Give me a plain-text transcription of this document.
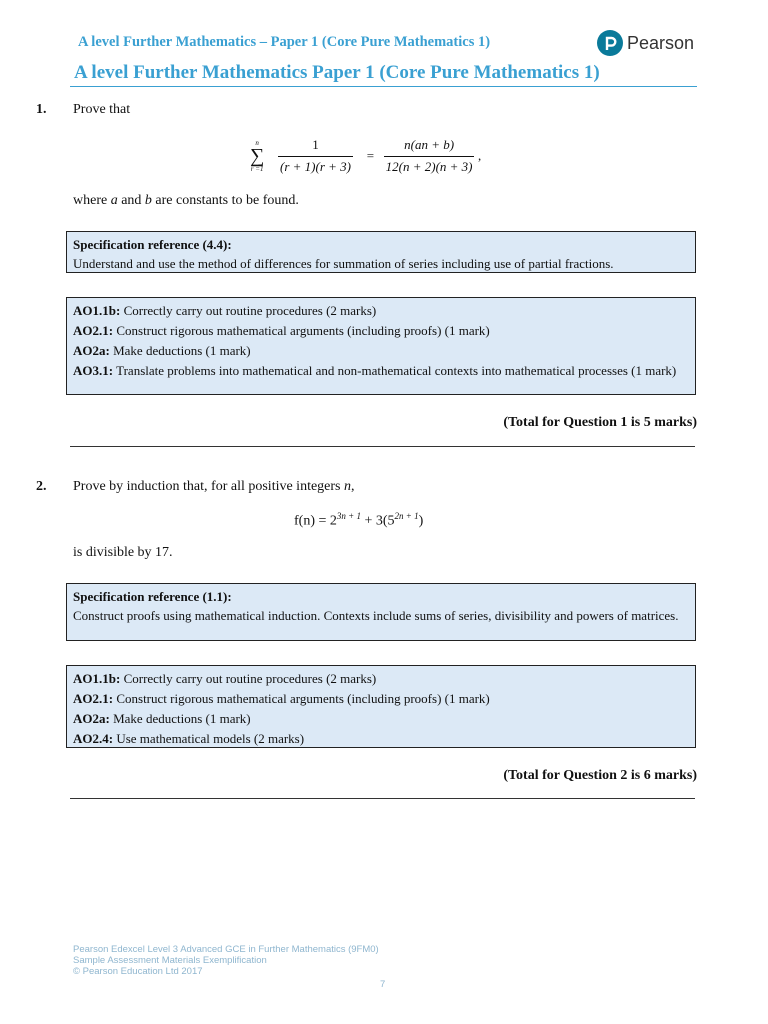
A level Further Mathematics – Paper 1 (Core Pure Mathematics 1)	Pearson
A level Further Mathematics Paper 1 (Core Pure Mathematics 1)
1. Prove that
n
∑
$r =1 \frac{1}{(r + 1)(r + 3)} = \frac{n(an + b)}{12(n + 2)(n + 3)}$ ,
where a and b are constants to be found.
Specification reference (4.4):
Understand and use the method of differences for summation of series including use of partial fractions.
AO1.1b: Correctly carry out routine procedures (2 marks)
AO2.1: Construct rigorous mathematical arguments (including proofs) (1 mark)
AO2a: Make deductions (1 mark)
AO3.1: Translate problems into mathematical and non-mathematical contexts into mathematical processes (1 mark)
(Total for Question 1 is 5 marks)
2. Prove by induction that, for all positive integers n,
$f(n) = 2^{3n + 1} + 3(5^{2n + 1})$
is divisible by 17.
Specification reference (1.1):
Construct proofs using mathematical induction. Contexts include sums of series, divisibility and powers of matrices.
AO1.1b: Correctly carry out routine procedures (2 marks)
AO2.1: Construct rigorous mathematical arguments (including proofs) (1 mark)
AO2a: Make deductions (1 mark)
AO2.4: Use mathematical models (2 marks)
(Total for Question 2 is 6 marks)
Pearson Edexcel Level 3 Advanced GCE in Further Mathematics (9FM0)
Sample Assessment Materials Exemplification
© Pearson Education Ltd 2017
7
